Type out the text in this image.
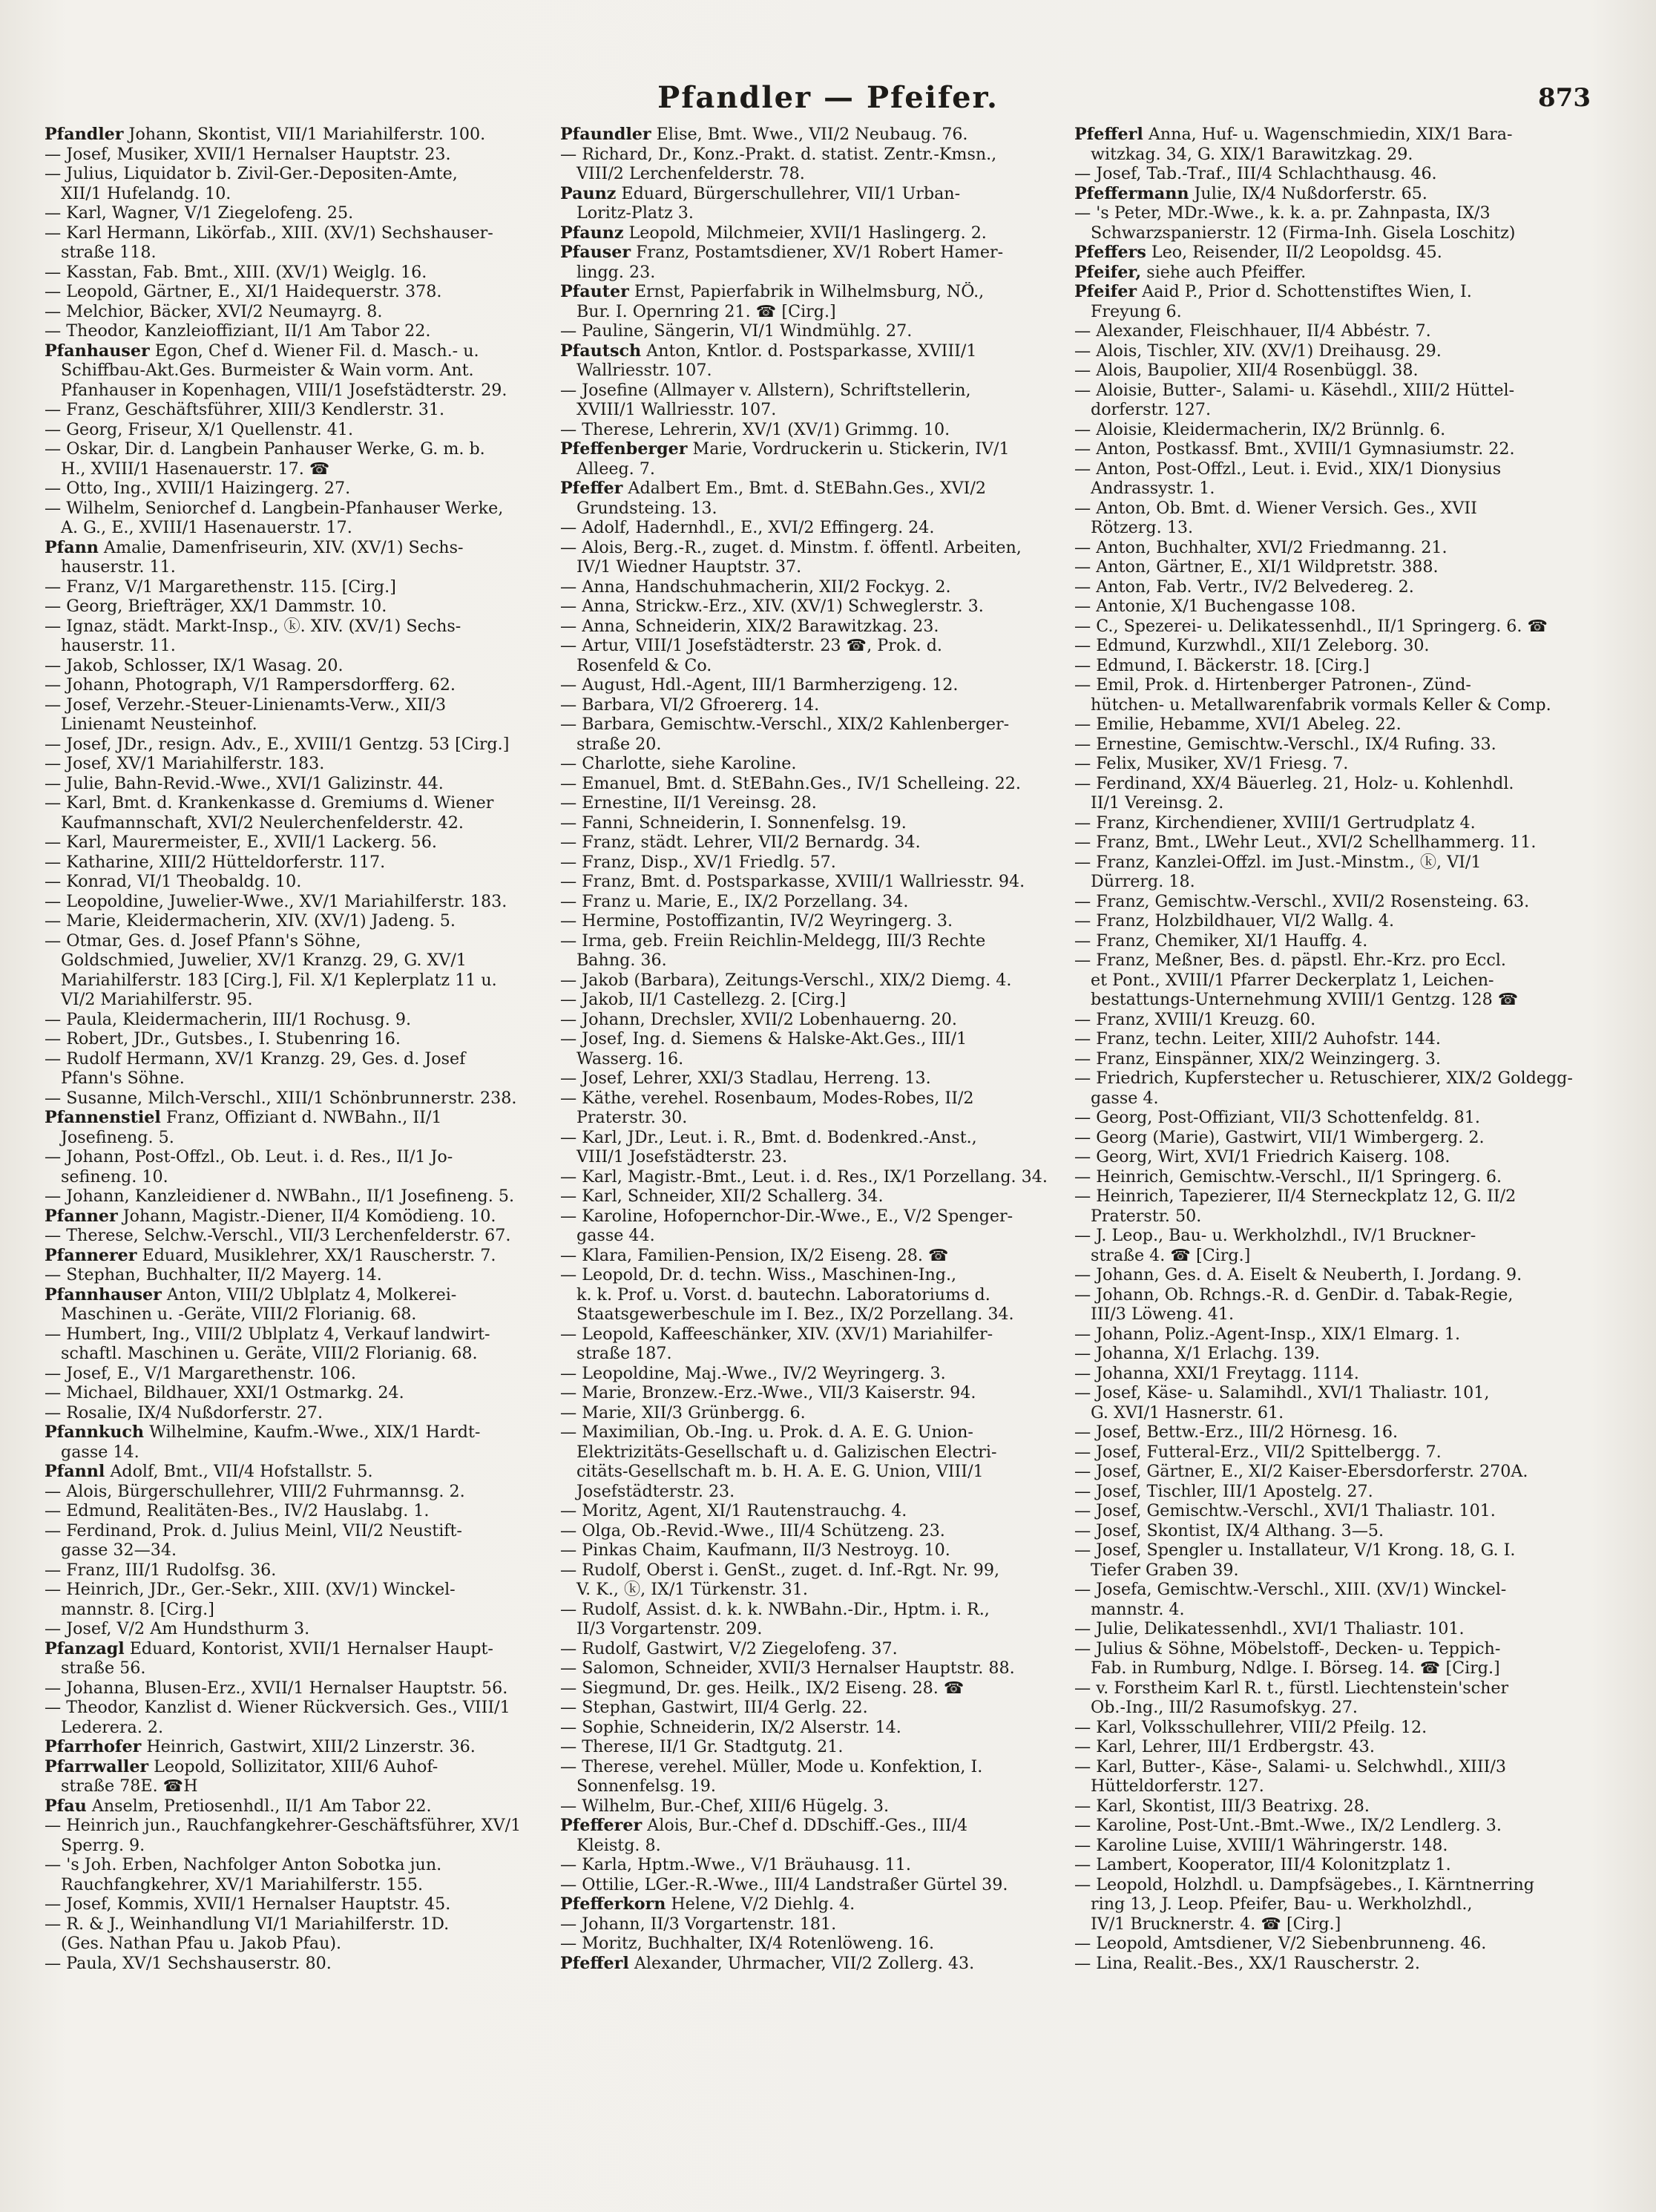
Pfandler — Pfeifer.	873

Pfandler Johann, Skontist, VII/1 Mariahilferstr. 100.

— Josef, Musiker, XVII/1 Hernalser Hauptstr. 23.

— Julius, Liquidator b. Zivil-Ger.-Depositen-Amte,

XII/1 Hufelandg. 10.

— Karl, Wagner, V/1 Ziegelofeng. 25.

— Karl Hermann, Likörfab., XIII. (XV/1) Sechshauser-

straße 118.

— Kasstan, Fab. Bmt., XIII. (XV/1) Weiglg. 16.

— Leopold, Gärtner, E., XI/1 Haidequerstr. 378.

— Melchior, Bäcker, XVI/2 Neumayrg. 8.

— Theodor, Kanzleioffiziant, II/1 Am Tabor 22.

Pfanhauser Egon, Chef d. Wiener Fil. d. Masch.- u.

Schiffbau-Akt.Ges. Burmeister & Wain vorm. Ant.

Pfanhauser in Kopenhagen, VIII/1 Josefstädterstr. 29.

— Franz, Geschäftsführer, XIII/3 Kendlerstr. 31.

— Georg, Friseur, X/1 Quellenstr. 41.

— Oskar, Dir. d. Langbein Panhauser Werke, G. m. b.

H., XVIII/1 Hasenauerstr. 17. ☎

— Otto, Ing., XVIII/1 Haizingerg. 27.

— Wilhelm, Seniorchef d. Langbein-Pfanhauser Werke,

A. G., E., XVIII/1 Hasenauerstr. 17.

Pfann Amalie, Damenfriseurin, XIV. (XV/1) Sechs-

hauserstr. 11.

— Franz, V/1 Margarethenstr. 115. [Cirg.]

— Georg, Briefträger, XX/1 Dammstr. 10.

— Ignaz, städt. Markt-Insp., ⓚ. XIV. (XV/1) Sechs-

hauserstr. 11.

— Jakob, Schlosser, IX/1 Wasag. 20.

— Johann, Photograph, V/1 Rampersdorfferg. 62.

— Josef, Verzehr.-Steuer-Linienamts-Verw., XII/3

Linienamt Neusteinhof.

— Josef, JDr., resign. Adv., E., XVIII/1 Gentzg. 53 [Cirg.]

— Josef, XV/1 Mariahilferstr. 183.

— Julie, Bahn-Revid.-Wwe., XVI/1 Galizinstr. 44.

— Karl, Bmt. d. Krankenkasse d. Gremiums d. Wiener

Kaufmannschaft, XVI/2 Neulerchenfelderstr. 42.

— Karl, Maurermeister, E., XVII/1 Lackerg. 56.

— Katharine, XIII/2 Hütteldorferstr. 117.

— Konrad, VI/1 Theobaldg. 10.

— Leopoldine, Juwelier-Wwe., XV/1 Mariahilferstr. 183.

— Marie, Kleidermacherin, XIV. (XV/1) Jadeng. 5.

— Otmar, Ges. d. Josef Pfann's Söhne,

Goldschmied, Juwelier, XV/1 Kranzg. 29, G. XV/1

Mariahilferstr. 183 [Cirg.], Fil. X/1 Keplerplatz 11 u.

VI/2 Mariahilferstr. 95.

— Paula, Kleidermacherin, III/1 Rochusg. 9.

— Robert, JDr., Gutsbes., I. Stubenring 16.

— Rudolf Hermann, XV/1 Kranzg. 29, Ges. d. Josef

Pfann's Söhne.

— Susanne, Milch-Verschl., XIII/1 Schönbrunnerstr. 238.

Pfannenstiel Franz, Offiziant d. NWBahn., II/1

Josefineng. 5.

— Johann, Post-Offzl., Ob. Leut. i. d. Res., II/1 Jo-

sefineng. 10.

— Johann, Kanzleidiener d. NWBahn., II/1 Josefineng. 5.

Pfanner Johann, Magistr.-Diener, II/4 Komödieng. 10.

— Therese, Selchw.-Verschl., VII/3 Lerchenfelderstr. 67.

Pfannerer Eduard, Musiklehrer, XX/1 Rauscherstr. 7.

— Stephan, Buchhalter, II/2 Mayerg. 14.

Pfannhauser Anton, VIII/2 Ublplatz 4, Molkerei-

Maschinen u. -Geräte, VIII/2 Florianig. 68.

— Humbert, Ing., VIII/2 Ublplatz 4, Verkauf landwirt-

schaftl. Maschinen u. Geräte, VIII/2 Florianig. 68.

— Josef, E., V/1 Margarethenstr. 106.

— Michael, Bildhauer, XXI/1 Ostmarkg. 24.

— Rosalie, IX/4 Nußdorferstr. 27.

Pfannkuch Wilhelmine, Kaufm.-Wwe., XIX/1 Hardt-

gasse 14.

Pfannl Adolf, Bmt., VII/4 Hofstallstr. 5.

— Alois, Bürgerschullehrer, VIII/2 Fuhrmannsg. 2.

— Edmund, Realitäten-Bes., IV/2 Hauslabg. 1.

— Ferdinand, Prok. d. Julius Meinl, VII/2 Neustift-

gasse 32—34.

— Franz, III/1 Rudolfsg. 36.

— Heinrich, JDr., Ger.-Sekr., XIII. (XV/1) Winckel-

mannstr. 8. [Cirg.]

— Josef, V/2 Am Hundsthurm 3.

Pfanzagl Eduard, Kontorist, XVII/1 Hernalser Haupt-

straße 56.

— Johanna, Blusen-Erz., XVII/1 Hernalser Hauptstr. 56.

— Theodor, Kanzlist d. Wiener Rückversich. Ges., VIII/1

Lederera. 2.

Pfarrhofer Heinrich, Gastwirt, XIII/2 Linzerstr. 36.

Pfarrwaller Leopold, Sollizitator, XIII/6 Auhof-

straße 78E. ☎H

Pfau Anselm, Pretiosenhdl., II/1 Am Tabor 22.

— Heinrich jun., Rauchfangkehrer-Geschäftsführer, XV/1

Sperrg. 9.

— 's Joh. Erben, Nachfolger Anton Sobotka jun.

Rauchfangkehrer, XV/1 Mariahilferstr. 155.

— Josef, Kommis, XVII/1 Hernalser Hauptstr. 45.

— R. & J., Weinhandlung VI/1 Mariahilferstr. 1D.

(Ges. Nathan Pfau u. Jakob Pfau).

— Paula, XV/1 Sechshauserstr. 80.

Pfaundler Elise, Bmt. Wwe., VII/2 Neubaug. 76.

— Richard, Dr., Konz.-Prakt. d. statist. Zentr.-Kmsn.,

VIII/2 Lerchenfelderstr. 78.

Paunz Eduard, Bürgerschullehrer, VII/1 Urban-

Loritz-Platz 3.

Pfaunz Leopold, Milchmeier, XVII/1 Haslingerg. 2.

Pfauser Franz, Postamtsdiener, XV/1 Robert Hamer-

lingg. 23.

Pfauter Ernst, Papierfabrik in Wilhelmsburg, NÖ.,

Bur. I. Opernring 21. ☎ [Cirg.]

— Pauline, Sängerin, VI/1 Windmühlg. 27.

Pfautsch Anton, Kntlor. d. Postsparkasse, XVIII/1

Wallriesstr. 107.

— Josefine (Allmayer v. Allstern), Schriftstellerin,

XVIII/1 Wallriesstr. 107.

— Therese, Lehrerin, XV/1 (XV/1) Grimmg. 10.

Pfeffenberger Marie, Vordruckerin u. Stickerin, IV/1

Alleeg. 7.

Pfeffer Adalbert Em., Bmt. d. StEBahn.Ges., XVI/2

Grundsteing. 13.

— Adolf, Hadernhdl., E., XVI/2 Effingerg. 24.

— Alois, Berg.-R., zuget. d. Minstm. f. öffentl. Arbeiten,

IV/1 Wiedner Hauptstr. 37.

— Anna, Handschuhmacherin, XII/2 Fockyg. 2.

— Anna, Strickw.-Erz., XIV. (XV/1) Schweglerstr. 3.

— Anna, Schneiderin, XIX/2 Barawitzkag. 23.

— Artur, VIII/1 Josefstädterstr. 23 ☎, Prok. d.

Rosenfeld & Co.

— August, Hdl.-Agent, III/1 Barmherzigeng. 12.

— Barbara, VI/2 Gfroererg. 14.

— Barbara, Gemischtw.-Verschl., XIX/2 Kahlenberger-

straße 20.

— Charlotte, siehe Karoline.

— Emanuel, Bmt. d. StEBahn.Ges., IV/1 Schelleing. 22.

— Ernestine, II/1 Vereinsg. 28.

— Fanni, Schneiderin, I. Sonnenfelsg. 19.

— Franz, städt. Lehrer, VII/2 Bernardg. 34.

— Franz, Disp., XV/1 Friedlg. 57.

— Franz, Bmt. d. Postsparkasse, XVIII/1 Wallriesstr. 94.

— Franz u. Marie, E., IX/2 Porzellang. 34.

— Hermine, Postoffizantin, IV/2 Weyringerg. 3.

— Irma, geb. Freiin Reichlin-Meldegg, III/3 Rechte

Bahng. 36.

— Jakob (Barbara), Zeitungs-Verschl., XIX/2 Diemg. 4.

— Jakob, II/1 Castellezg. 2. [Cirg.]

— Johann, Drechsler, XVII/2 Lobenhauerng. 20.

— Josef, Ing. d. Siemens & Halske-Akt.Ges., III/1

Wasserg. 16.

— Josef, Lehrer, XXI/3 Stadlau, Herreng. 13.

— Käthe, verehel. Rosenbaum, Modes-Robes, II/2

Praterstr. 30.

— Karl, JDr., Leut. i. R., Bmt. d. Bodenkred.-Anst.,

VIII/1 Josefstädterstr. 23.

— Karl, Magistr.-Bmt., Leut. i. d. Res., IX/1 Porzellang. 34.

— Karl, Schneider, XII/2 Schallerg. 34.

— Karoline, Hofopernchor-Dir.-Wwe., E., V/2 Spenger-

gasse 44.

— Klara, Familien-Pension, IX/2 Eiseng. 28. ☎

— Leopold, Dr. d. techn. Wiss., Maschinen-Ing.,

k. k. Prof. u. Vorst. d. bautechn. Laboratoriums d.

Staatsgewerbeschule im I. Bez., IX/2 Porzellang. 34.

— Leopold, Kaffeeschänker, XIV. (XV/1) Mariahilfer-

straße 187.

— Leopoldine, Maj.-Wwe., IV/2 Weyringerg. 3.

— Marie, Bronzew.-Erz.-Wwe., VII/3 Kaiserstr. 94.

— Marie, XII/3 Grünbergg. 6.

— Maximilian, Ob.-Ing. u. Prok. d. A. E. G. Union-

Elektrizitäts-Gesellschaft u. d. Galizischen Electri-

citäts-Gesellschaft m. b. H. A. E. G. Union, VIII/1

Josefstädterstr. 23.

— Moritz, Agent, XI/1 Rautenstrauchg. 4.

— Olga, Ob.-Revid.-Wwe., III/4 Schützeng. 23.

— Pinkas Chaim, Kaufmann, II/3 Nestroyg. 10.

— Rudolf, Oberst i. GenSt., zuget. d. Inf.-Rgt. Nr. 99,

V. K., ⓚ, IX/1 Türkenstr. 31.

— Rudolf, Assist. d. k. k. NWBahn.-Dir., Hptm. i. R.,

II/3 Vorgartenstr. 209.

— Rudolf, Gastwirt, V/2 Ziegelofeng. 37.

— Salomon, Schneider, XVII/3 Hernalser Hauptstr. 88.

— Siegmund, Dr. ges. Heilk., IX/2 Eiseng. 28. ☎

— Stephan, Gastwirt, III/4 Gerlg. 22.

— Sophie, Schneiderin, IX/2 Alserstr. 14.

— Therese, II/1 Gr. Stadtgutg. 21.

— Therese, verehel. Müller, Mode u. Konfektion, I.

Sonnenfelsg. 19.

— Wilhelm, Bur.-Chef, XIII/6 Hügelg. 3.

Pfefferer Alois, Bur.-Chef d. DDschiff.-Ges., III/4

Kleistg. 8.

— Karla, Hptm.-Wwe., V/1 Bräuhausg. 11.

— Ottilie, LGer.-R.-Wwe., III/4 Landstraßer Gürtel 39.

Pfefferkorn Helene, V/2 Diehlg. 4.

— Johann, II/3 Vorgartenstr. 181.

— Moritz, Buchhalter, IX/4 Rotenlöweng. 16.

Pfefferl Alexander, Uhrmacher, VII/2 Zollerg. 43.

Pfefferl Anna, Huf- u. Wagenschmiedin, XIX/1 Bara-

witzkag. 34, G. XIX/1 Barawitzkag. 29.

— Josef, Tab.-Traf., III/4 Schlachthausg. 46.

Pfeffermann Julie, IX/4 Nußdorferstr. 65.

— 's Peter, MDr.-Wwe., k. k. a. pr. Zahnpasta, IX/3

Schwarzspanierstr. 12 (Firma-Inh. Gisela Loschitz)

Pfeffers Leo, Reisender, II/2 Leopoldsg. 45.

Pfeifer, siehe auch Pfeiffer.

Pfeifer Aaid P., Prior d. Schottenstiftes Wien, I.

Freyung 6.

— Alexander, Fleischhauer, II/4 Abbéstr. 7.

— Alois, Tischler, XIV. (XV/1) Dreihausg. 29.

— Alois, Baupolier, XII/4 Rosenbüggl. 38.

— Aloisie, Butter-, Salami- u. Käsehdl., XIII/2 Hüttel-

dorferstr. 127.

— Aloisie, Kleidermacherin, IX/2 Brünnlg. 6.

— Anton, Postkassf. Bmt., XVIII/1 Gymnasiumstr. 22.

— Anton, Post-Offzl., Leut. i. Evid., XIX/1 Dionysius

Andrassystr. 1.

— Anton, Ob. Bmt. d. Wiener Versich. Ges., XVII

Rötzerg. 13.

— Anton, Buchhalter, XVI/2 Friedmanng. 21.

— Anton, Gärtner, E., XI/1 Wildpretstr. 388.

— Anton, Fab. Vertr., IV/2 Belvedereg. 2.

— Antonie, X/1 Buchengasse 108.

— C., Spezerei- u. Delikatessenhdl., II/1 Springerg. 6. ☎

— Edmund, Kurzwhdl., XII/1 Zeleborg. 30.

— Edmund, I. Bäckerstr. 18. [Cirg.]

— Emil, Prok. d. Hirtenberger Patronen-, Zünd-

hütchen- u. Metallwarenfabrik vormals Keller & Comp.

— Emilie, Hebamme, XVI/1 Abeleg. 22.

— Ernestine, Gemischtw.-Verschl., IX/4 Rufing. 33.

— Felix, Musiker, XV/1 Friesg. 7.

— Ferdinand, XX/4 Bäuerleg. 21, Holz- u. Kohlenhdl.

II/1 Vereinsg. 2.

— Franz, Kirchendiener, XVIII/1 Gertrudplatz 4.

— Franz, Bmt., LWehr Leut., XVI/2 Schellhammerg. 11.

— Franz, Kanzlei-Offzl. im Just.-Minstm., ⓚ, VI/1

Dürrerg. 18.

— Franz, Gemischtw.-Verschl., XVII/2 Rosensteing. 63.

— Franz, Holzbildhauer, VI/2 Wallg. 4.

— Franz, Chemiker, XI/1 Hauffg. 4.

— Franz, Meßner, Bes. d. päpstl. Ehr.-Krz. pro Eccl.

et Pont., XVIII/1 Pfarrer Deckerplatz 1, Leichen-

bestattungs-Unternehmung XVIII/1 Gentzg. 128 ☎

— Franz, XVIII/1 Kreuzg. 60.

— Franz, techn. Leiter, XIII/2 Auhofstr. 144.

— Franz, Einspänner, XIX/2 Weinzingerg. 3.

— Friedrich, Kupferstecher u. Retuschierer, XIX/2 Goldegg-

gasse 4.

— Georg, Post-Offiziant, VII/3 Schottenfeldg. 81.

— Georg (Marie), Gastwirt, VII/1 Wimbergerg. 2.

— Georg, Wirt, XVI/1 Friedrich Kaiserg. 108.

— Heinrich, Gemischtw.-Verschl., II/1 Springerg. 6.

— Heinrich, Tapezierer, II/4 Sterneckplatz 12, G. II/2

Praterstr. 50.

— J. Leop., Bau- u. Werkholzhdl., IV/1 Bruckner-

straße 4. ☎ [Cirg.]

— Johann, Ges. d. A. Eiselt & Neuberth, I. Jordang. 9.

— Johann, Ob. Rchngs.-R. d. GenDir. d. Tabak-Regie,

III/3 Löweng. 41.

— Johann, Poliz.-Agent-Insp., XIX/1 Elmarg. 1.

— Johanna, X/1 Erlachg. 139.

— Johanna, XXI/1 Freytagg. 1114.

— Josef, Käse- u. Salamihdl., XVI/1 Thaliastr. 101,

G. XVI/1 Hasnerstr. 61.

— Josef, Bettw.-Erz., III/2 Hörnesg. 16.

— Josef, Futteral-Erz., VII/2 Spittelbergg. 7.

— Josef, Gärtner, E., XI/2 Kaiser-Ebersdorferstr. 270A.

— Josef, Tischler, III/1 Apostelg. 27.

— Josef, Gemischtw.-Verschl., XVI/1 Thaliastr. 101.

— Josef, Skontist, IX/4 Althang. 3—5.

— Josef, Spengler u. Installateur, V/1 Krong. 18, G. I.

Tiefer Graben 39.

— Josefa, Gemischtw.-Verschl., XIII. (XV/1) Winckel-

mannstr. 4.

— Julie, Delikatessenhdl., XVI/1 Thaliastr. 101.

— Julius & Söhne, Möbelstoff-, Decken- u. Teppich-

Fab. in Rumburg, Ndlge. I. Börseg. 14. ☎ [Cirg.]

— v. Forstheim Karl R. t., fürstl. Liechtenstein'scher

Ob.-Ing., III/2 Rasumofskyg. 27.

— Karl, Volksschullehrer, VIII/2 Pfeilg. 12.

— Karl, Lehrer, III/1 Erdbergstr. 43.

— Karl, Butter-, Käse-, Salami- u. Selchwhdl., XIII/3

Hütteldorferstr. 127.

— Karl, Skontist, III/3 Beatrixg. 28.

— Karoline, Post-Unt.-Bmt.-Wwe., IX/2 Lendlerg. 3.

— Karoline Luise, XVIII/1 Währingerstr. 148.

— Lambert, Kooperator, III/4 Kolonitzplatz 1.

— Leopold, Holzhdl. u. Dampfsägebes., I. Kärntnerring

ring 13, J. Leop. Pfeifer, Bau- u. Werkholzhdl.,

IV/1 Brucknerstr. 4. ☎ [Cirg.]

— Leopold, Amtsdiener, V/2 Siebenbrunneng. 46.

— Lina, Realit.-Bes., XX/1 Rauscherstr. 2.
